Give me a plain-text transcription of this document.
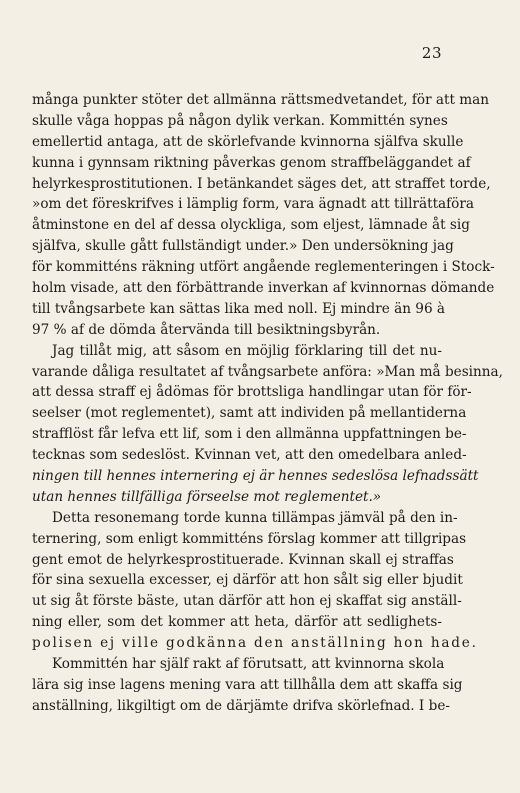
23
många punkter stöter det allmänna rättsmedvetandet, för att man
skulle våga hoppas på någon dylik verkan. Kommittén synes
emellertid antaga, att de skörlefvande kvinnorna själfva skulle
kunna i gynnsam riktning påverkas genom straffbeläggandet af
helyrkesprostitutionen. I betänkandet säges det, att straffet torde,
»om det föreskrifves i lämplig form, vara ägnadt att tillrättaföra
åtminstone en del af dessa olyckliga, som eljest, lämnade åt sig
själfva, skulle gått fullständigt under.» Den undersökning jag
för kommitténs räkning utfört angående reglementeringen i Stock-
holm visade, att den förbättrande inverkan af kvinnornas dömande
till tvångsarbete kan sättas lika med noll. Ej mindre än 96 à
97 % af de dömda återvända till besiktningsbyrån.
Jag tillåt mig, att såsom en möjlig förklaring till det nu-
varande dåliga resultatet af tvångsarbete anföra: »Man må besinna,
att dessa straff ej ådömas för brottsliga handlingar utan för för-
seelser (mot reglementet), samt att individen på mellantiderna
strafflöst får lefva ett lif, som i den allmänna uppfattningen be-
tecknas som sedeslöst. Kvinnan vet, att den omedelbara anled-
ningen till hennes internering ej är hennes sedeslösa lefnadssätt
utan hennes tillfälliga förseelse mot reglementet.»
Detta resonemang torde kunna tillämpas jämväl på den in-
ternering, som enligt kommitténs förslag kommer att tillgripas
gent emot de helyrkesprostituerade. Kvinnan skall ej straffas
för sina sexuella excesser, ej därför att hon sålt sig eller bjudit
ut sig åt förste bäste, utan därför att hon ej skaffat sig anställ-
ning eller, som det kommer att heta, därför att sedlighets-
polisen ej ville godkänna den anställning hon hade.
Kommittén har själf rakt af förutsatt, att kvinnorna skola
lära sig inse lagens mening vara att tillhålla dem att skaffa sig
anställning, likgiltigt om de därjämte drifva skörlefnad. I be-
